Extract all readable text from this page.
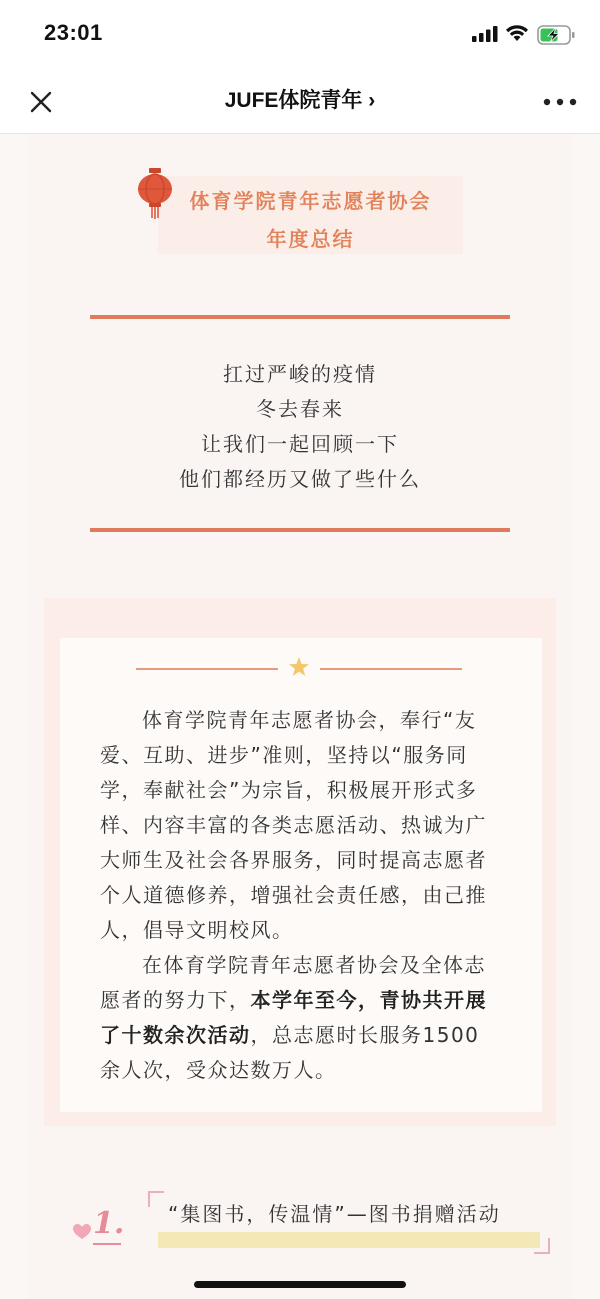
23:01
JUFE体院青年 ›
体育学院青年志愿者协会
年度总结
扛过严峻的疫情
冬去春来
让我们一起回顾一下
他们都经历又做了些什么
体育学院青年志愿者协会，奉行“友爱、互助、进步”准则，坚持以“服务同学，奉献社会”为宗旨，积极展开形式多样、内容丰富的各类志愿活动、热诚为广大师生及社会各界服务，同时提高志愿者个人道德修养，增强社会责任感，由己推人，倡导文明校风。
在体育学院青年志愿者协会及全体志愿者的努力下，本学年至今，青协共开展了十数余次活动，总志愿时长服务1500余人次，受众达数万人。
1. “集图书，传温情”—图书捐赠活动
